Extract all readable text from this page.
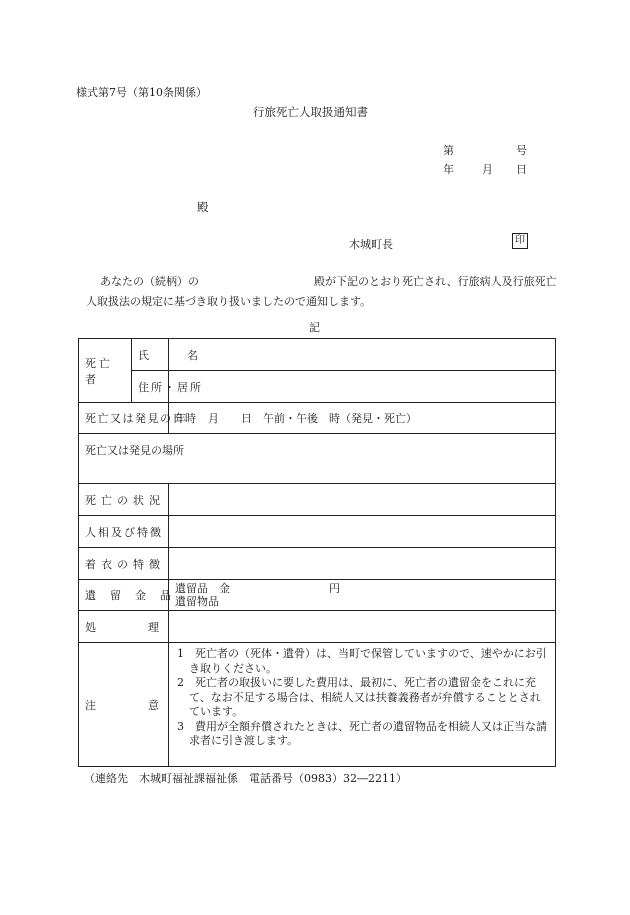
様式第7号（第10条関係）
行旅死亡人取扱通知書
第	号
年	月 日
殿
木城町長	印
あなたの（続柄）の	殿が下記のとおり死亡され、行旅病人及行旅死亡
人取扱法の規定に基づき取り扱いましたので通知します。
記
死亡者	氏名	
	住所・居所	
死亡又は発見の日時		年　　月　　日　午前・午後　時（発見・死亡）
死亡又は発見の場所		
死亡の状況		
人相及び特徴		
着衣の特徴		
遺留金品		遺留品　金　　　　　　　　　円
遺留物品

処理		
注意		1　死亡者の（死体・遺骨）は、当町で保管していますので、速やかにお引き取りください。

2　死亡者の取扱いに要した費用は、最初に、死亡者の遺留金をこれに充て、なお不足する場合は、相続人又は扶養義務者が弁償することとされています。

3　費用が全額弁償されたときは、死亡者の遺留物品を相続人又は正当な請求者に引き渡します。

（連絡先　木城町福祉課福祉係　電話番号（0983）32―2211）
